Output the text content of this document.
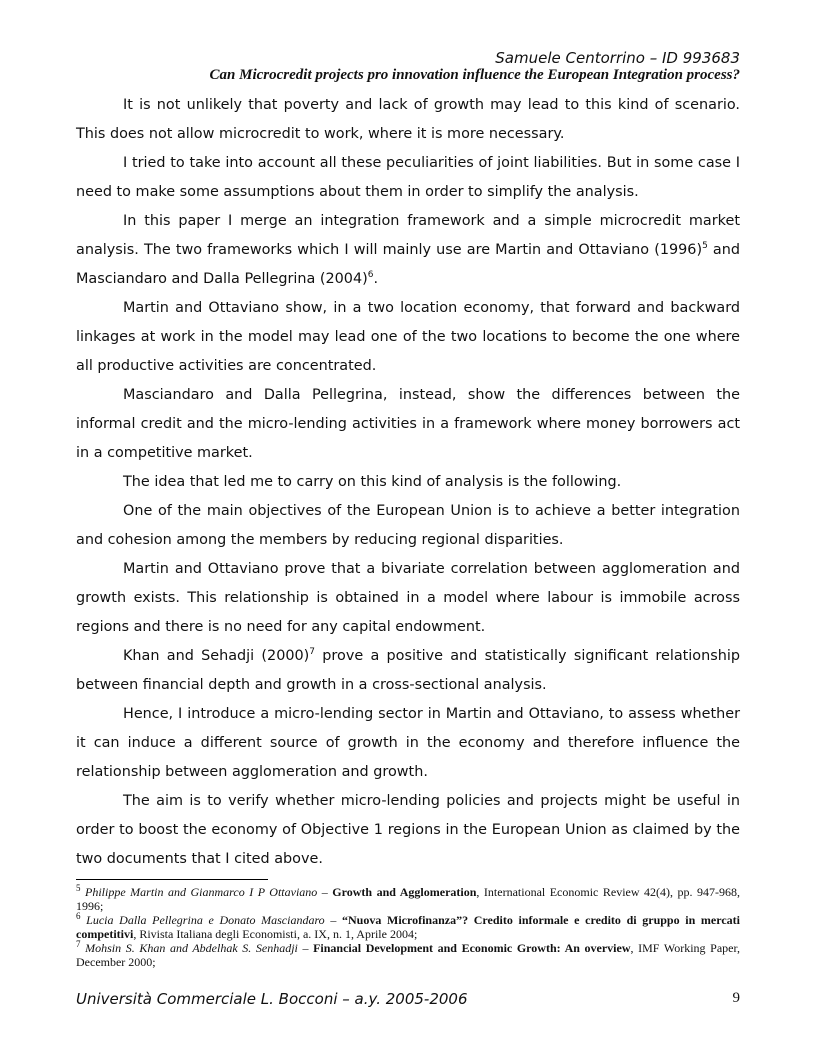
Samuele Centorrino – ID 993683
Can Microcredit projects pro innovation influence the European Integration process?

It is not unlikely that poverty and lack of growth may lead to this kind of scenario. This does not allow microcredit to work, where it is more necessary.

I tried to take into account all these peculiarities of joint liabilities. But in some case I need to make some assumptions about them in order to simplify the analysis.

In this paper I merge an integration framework and a simple microcredit market analysis. The two frameworks which I will mainly use are Martin and Ottaviano $(1996)^5$ and Masciandaro and Dalla Pellegrina $(2004)^6$.

Martin and Ottaviano show, in a two location economy, that forward and backward linkages at work in the model may lead one of the two locations to become the one where all productive activities are concentrated.

Masciandaro and Dalla Pellegrina, instead, show the differences between the informal credit and the micro-lending activities in a framework where money borrowers act in a competitive market.

The idea that led me to carry on this kind of analysis is the following.

One of the main objectives of the European Union is to achieve a better integration and cohesion among the members by reducing regional disparities.

Martin and Ottaviano prove that a bivariate correlation between agglomeration and growth exists. This relationship is obtained in a model where labour is immobile across regions and there is no need for any capital endowment.

Khan and Sehadji $(2000)^7$ prove a positive and statistically significant relationship between financial depth and growth in a cross-sectional analysis.

Hence, I introduce a micro-lending sector in Martin and Ottaviano, to assess whether it can induce a different source of growth in the economy and therefore influence the relationship between agglomeration and growth.

The aim is to verify whether micro-lending policies and projects might be useful in order to boost the economy of Objective 1 regions in the European Union as claimed by the two documents that I cited above.

$^5$ Philippe Martin and Gianmarco I P Ottaviano – Growth and Agglomeration, International Economic Review 42(4), pp. 947-968, 1996;
$^6$ Lucia Dalla Pellegrina e Donato Masciandaro – “Nuova Microfinanza”? Credito informale e credito di gruppo in mercati competitivi, Rivista Italiana degli Economisti, a. IX, n. 1, Aprile 2004;
$^7$ Mohsin S. Khan and Abdelhak S. Senhadji – Financial Development and Economic Growth: An overview, IMF Working Paper, December 2000;
Università Commerciale L. Bocconi – a.y. 2005-2006	9
